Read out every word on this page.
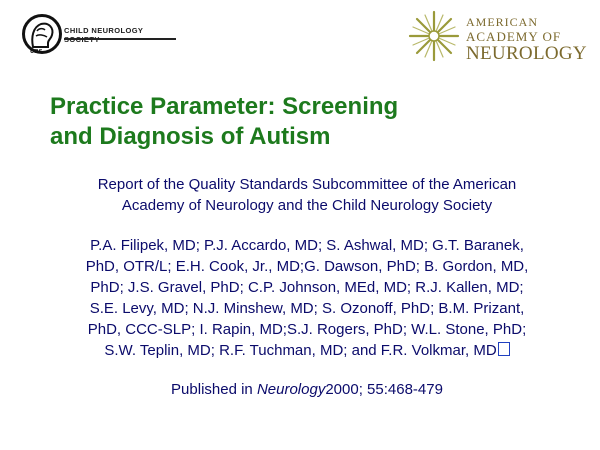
cns
CHILD NEUROLOGY
AMERICAN
ACADEMY OF
NEUROLOGY
Practice Parameter: Screening
and Diagnosis of Autism
Report of the Quality Standards Subcommittee of the American
Academy of Neurology and the Child Neurology Society
P.A. Filipek, MD; P.J. Accardo, MD; S. Ashwal, MD; G.T. Baranek,
PhD, OTR/L; E.H. Cook, Jr., MD;G. Dawson, PhD; B. Gordon, MD,
PhD; J.S. Gravel, PhD; C.P. Johnson, MEd, MD; R.J. Kallen, MD;
S.E. Levy, MD; N.J. Minshew, MD; S. Ozonoff, PhD; B.M. Prizant,
PhD, CCC-SLP; I. Rapin, MD;S.J. Rogers, PhD; W.L. Stone, PhD;
S.W. Teplin, MD; R.F. Tuchman, MD; and F.R. Volkmar, MD
Published in Neurology2000; 55:468-479
